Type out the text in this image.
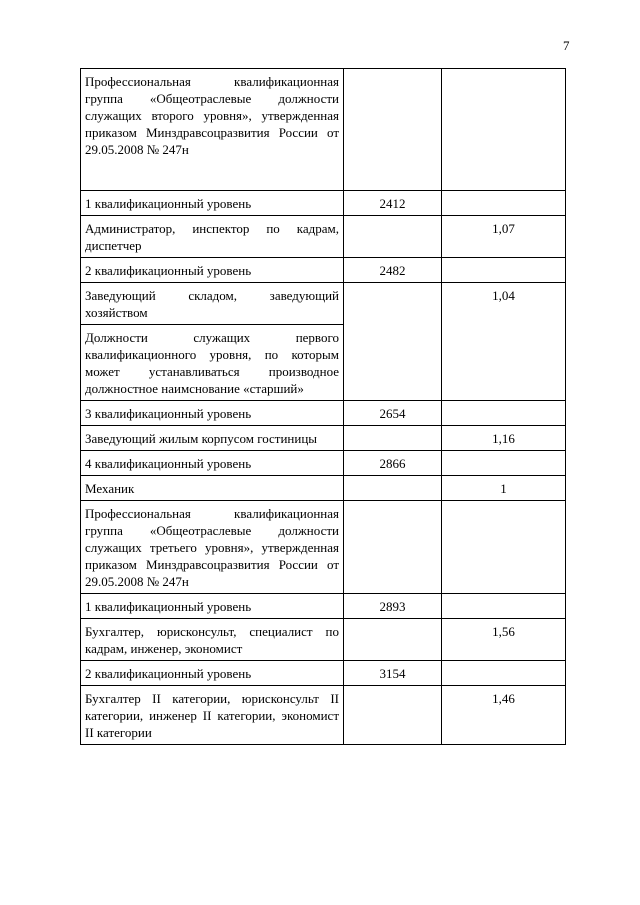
7
Профессиональная квалификационная группа «Общеотраслевые должности служащих второго уровня», утвержденная приказом Минздравсоцразвития России от 29.05.2008 № 247н		
1 квалификационный уровень	2412	
Администратор, инспектор по кадрам, диспетчер		1,07
2 квалификационный уровень	2482	
Заведующий складом, заведующий хозяйством		1,04
Должности служащих первого квалификационного уровня, по которым может устанавливаться производное должностное наимснование «старший»		
3 квалификационный уровень	2654	
Заведующий жилым корпусом гостиницы		1,16
4 квалификационный уровень	2866	
Механик		1
Профессиональная квалификационная группа «Общеотраслевые должности служащих третьего уровня», утвержденная приказом Минздравсоцразвития России от 29.05.2008 № 247н		
1 квалификационный уровень	2893	
Бухгалтер, юрисконсульт, специалист по кадрам, инженер, экономист		1,56
2 квалификационный уровень	3154	
Бухгалтер II категории, юрисконсульт II категории, инженер II категории, экономист II категории		1,46
